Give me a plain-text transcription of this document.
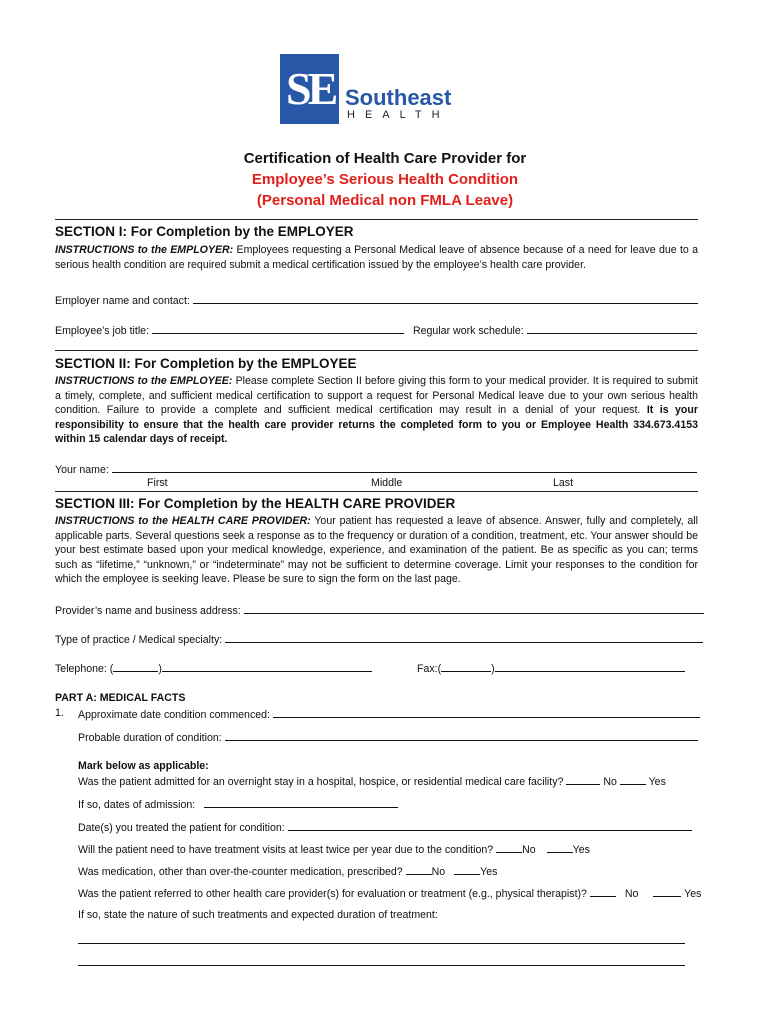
SE Southeast
HEALTH
Certification of Health Care Provider for
Employee’s Serious Health Condition
(Personal Medical non FMLA Leave)
SECTION I: For Completion by the EMPLOYER
INSTRUCTIONS to the EMPLOYER: Employees requesting a Personal Medical leave of absence because of a need for leave due to a serious health condition are required submit a medical certification issued by the employee’s health care provider.
Employer name and contact:
Employee’s job title:	Regular work schedule:
SECTION II: For Completion by the EMPLOYEE
INSTRUCTIONS to the EMPLOYEE: Please complete Section II before giving this form to your medical provider. It is required to submit a timely, complete, and sufficient medical certification to support a request for Personal Medical leave due to your own serious health condition. Failure to provide a complete and sufficient medical certification may result in a denial of your request. It is your responsibility to ensure that the health care provider returns the completed form to you or Employee Health 334.673.4153 within 15 calendar days of receipt.
Your name:
First	Middle	Last
SECTION III: For Completion by the HEALTH CARE PROVIDER
INSTRUCTIONS to the HEALTH CARE PROVIDER: Your patient has requested a leave of absence. Answer, fully and completely, all applicable parts. Several questions seek a response as to the frequency or duration of a condition, treatment, etc. Your answer should be your best estimate based upon your medical knowledge, experience, and examination of the patient. Be as specific as you can; terms such as “lifetime,” “unknown,” or “indeterminate” may not be sufficient to determine coverage. Limit your responses to the condition for which the employee is seeking leave. Please be sure to sign the form on the last page.
Provider’s name and business address:
Type of practice / Medical specialty:
Telephone: (	)	Fax:(	)
PART A: MEDICAL FACTS
1. Approximate date condition commenced:
Probable duration of condition:
Mark below as applicable:
Was the patient admitted for an overnight stay in a hospital, hospice, or residential medical care facility?	No	Yes
If so, dates of admission:
Date(s) you treated the patient for condition:
Will the patient need to have treatment visits at least twice per year due to the condition?	No	Yes
Was medication, other than over-the-counter medication, prescribed?	No	Yes
Was the patient referred to other health care provider(s) for evaluation or treatment (e.g., physical therapist)?	No	Yes
If so, state the nature of such treatments and expected duration of treatment:
